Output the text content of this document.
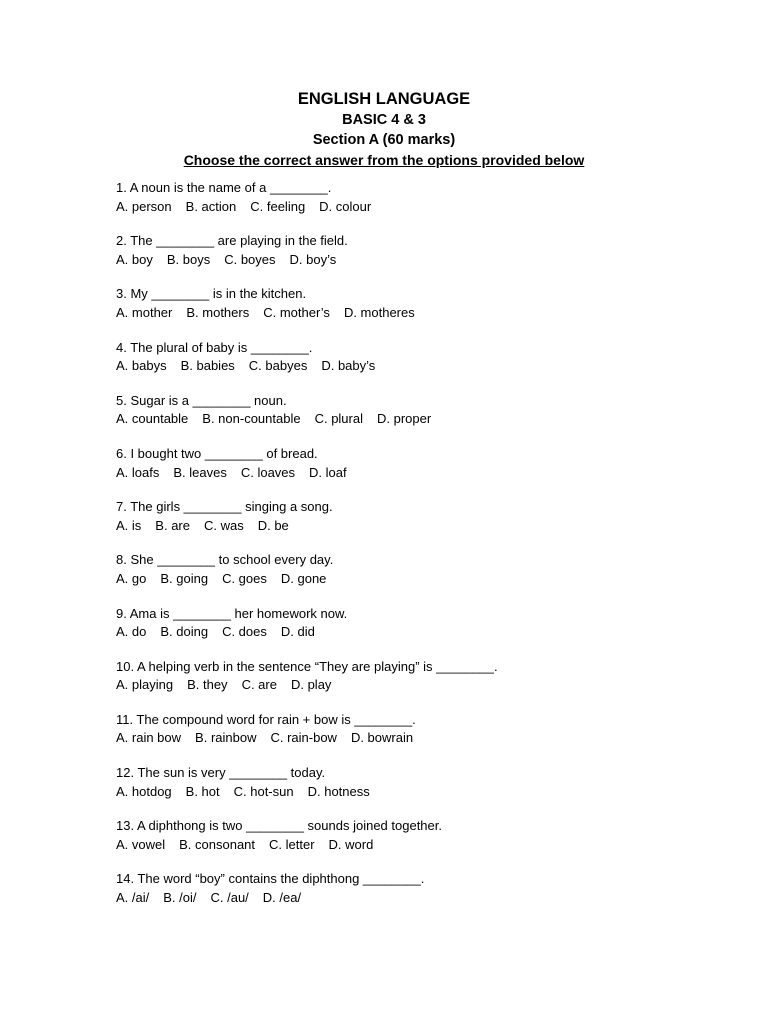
ENGLISH LANGUAGE
BASIC 4 & 3
Section A (60 marks)
Choose the correct answer from the options provided below
1. A noun is the name of a ________.
A. person B. action C. feeling D. colour
2. The ________ are playing in the field.
A. boy B. boys C. boyes D. boy’s
3. My ________ is in the kitchen.
A. mother B. mothers C. mother’s D. motheres
4. The plural of baby is ________.
A. babys B. babies C. babyes D. baby’s
5. Sugar is a ________ noun.
A. countable B. non-countable C. plural D. proper
6. I bought two ________ of bread.
A. loafs B. leaves C. loaves D. loaf
7. The girls ________ singing a song.
A. is B. are C. was D. be
8. She ________ to school every day.
A. go B. going C. goes D. gone
9. Ama is ________ her homework now.
A. do B. doing C. does D. did
10. A helping verb in the sentence “They are playing” is ________.
A. playing B. they C. are D. play
11. The compound word for rain + bow is ________.
A. rain bow B. rainbow C. rain-bow D. bowrain
12. The sun is very ________ today.
A. hotdog B. hot C. hot-sun D. hotness
13. A diphthong is two ________ sounds joined together.
A. vowel B. consonant C. letter D. word
14. The word “boy” contains the diphthong ________.
A. /ai/ B. /oi/ C. /au/ D. /ea/
